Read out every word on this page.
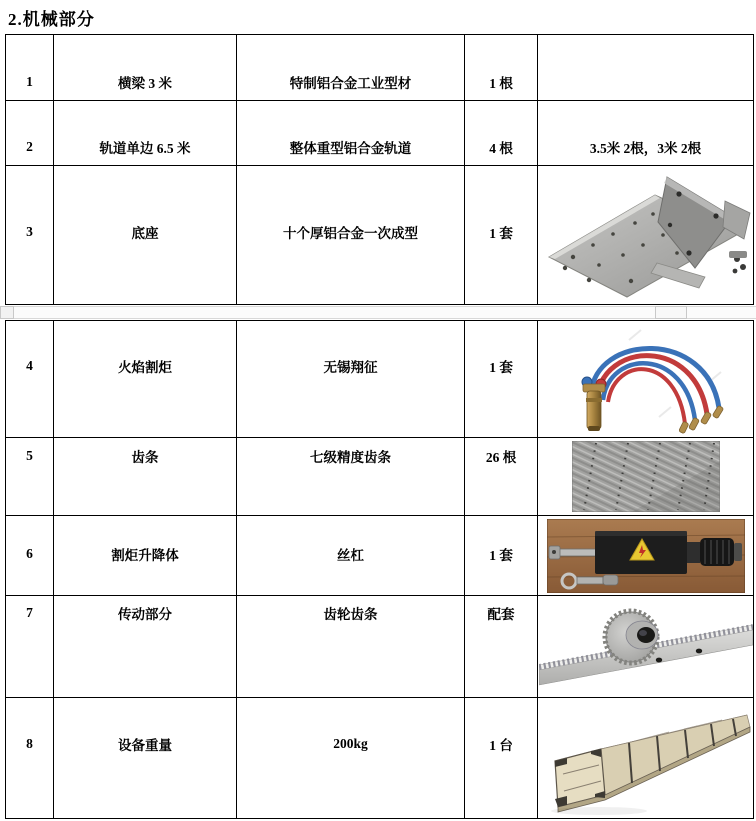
2.机械部分
1	横梁 3 米	特制铝合金工业型材	1 根	

2	轨道单边 6.5 米	整体重型铝合金轨道	4 根	3.5米 2根，3米 2根

3	底座	十个厚铝合金一次成型	1 套

4	火焰割炬	无锡翔征	1 套

5	齿条	七级精度齿条	26 根

6	割炬升降体	丝杠	1 套

7	传动部分	齿轮齿条	配套

8	设备重量	200kg	1 台
